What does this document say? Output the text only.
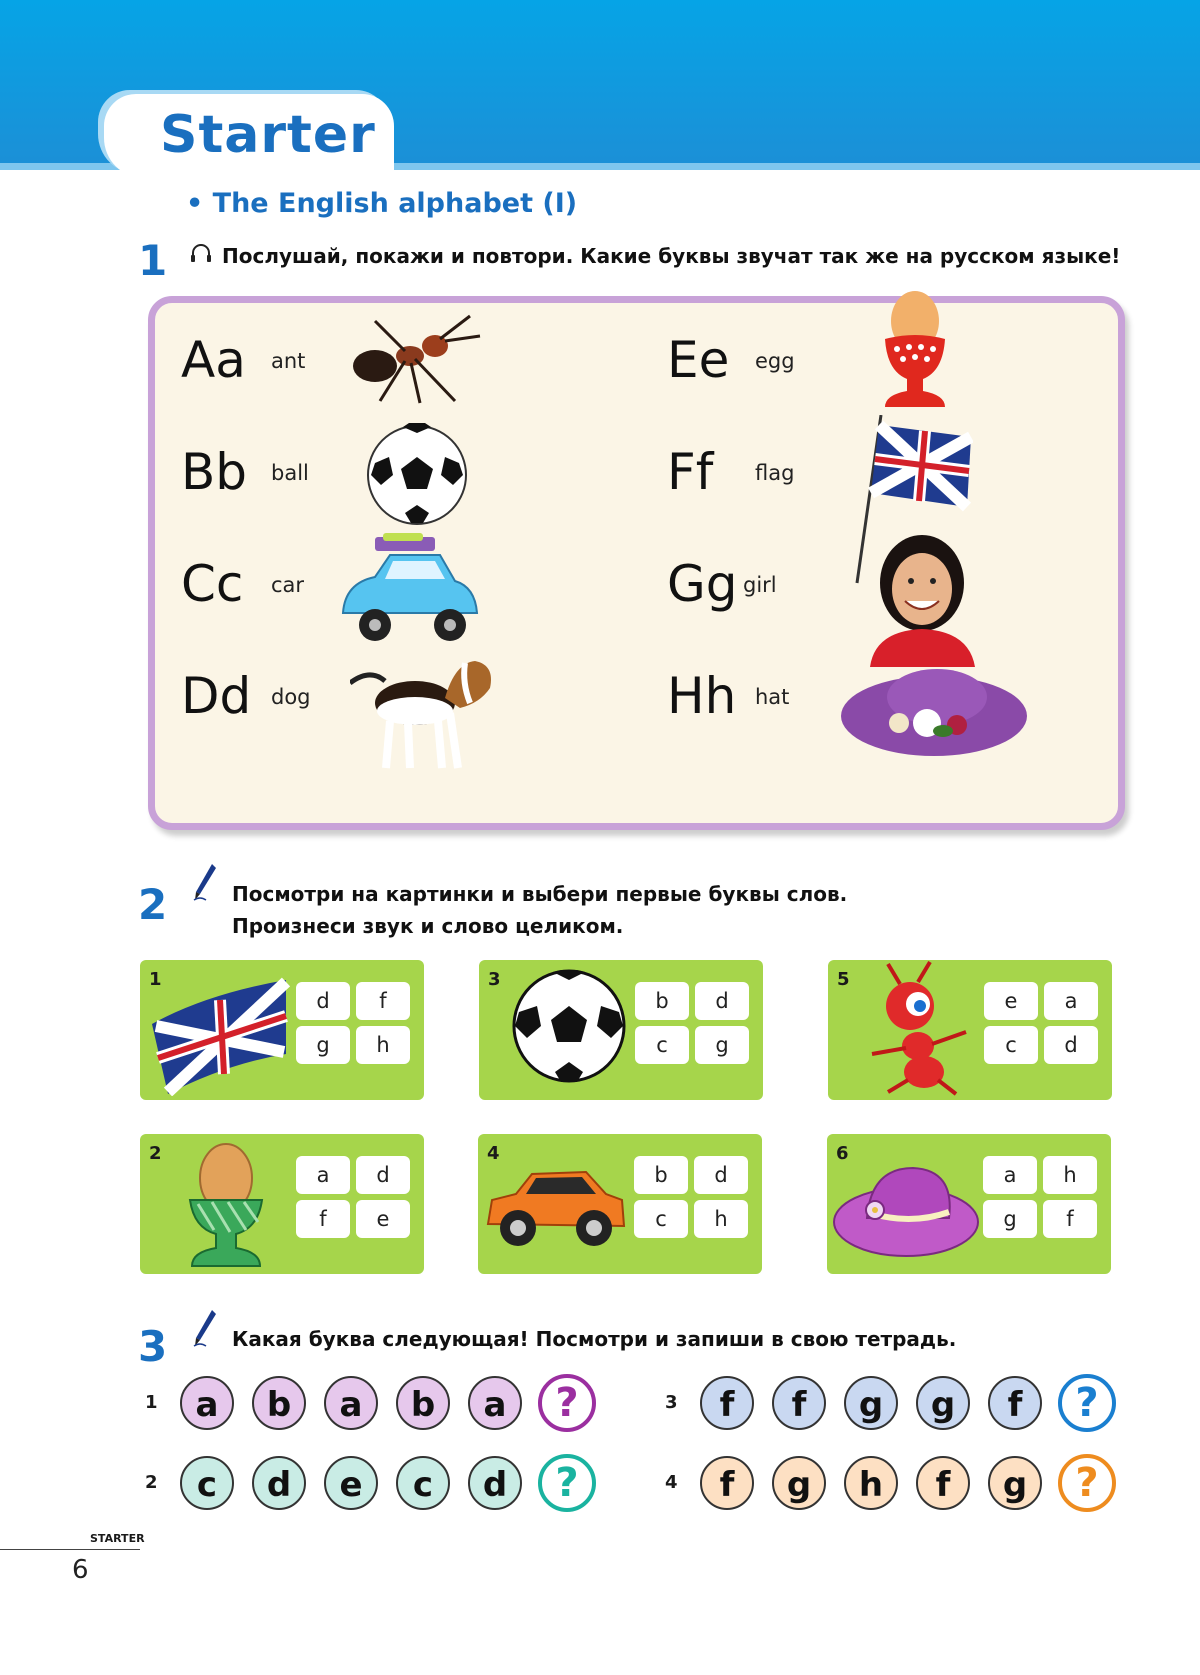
Starter
• The English alphabet (I)
1	Послушай, покажи и повтори. Какие буквы звучат так же на русском языке!
Aa ant
Bb ball
Cc car
Dd dog
Ee egg
Ff flag
Gg girl
Hh hat
2	Посмотри на картинки и выбери первые буквы слов.
Произнеси звук и слово целиком.
1
d	f
g	h
3
b	d
c	g
5
e	a
c	d
2
a	d
f	e
4
b	d
c	h
6
a	h
g	f
3	Какая буква следующая! Посмотри и запиши в свою тетрадь.
1	a	b	a	b	a	?	3	f	f	g	g	f	?
2	c	d	e	c	d	?	4	f	g	h	f	g	?
STARTER
6
